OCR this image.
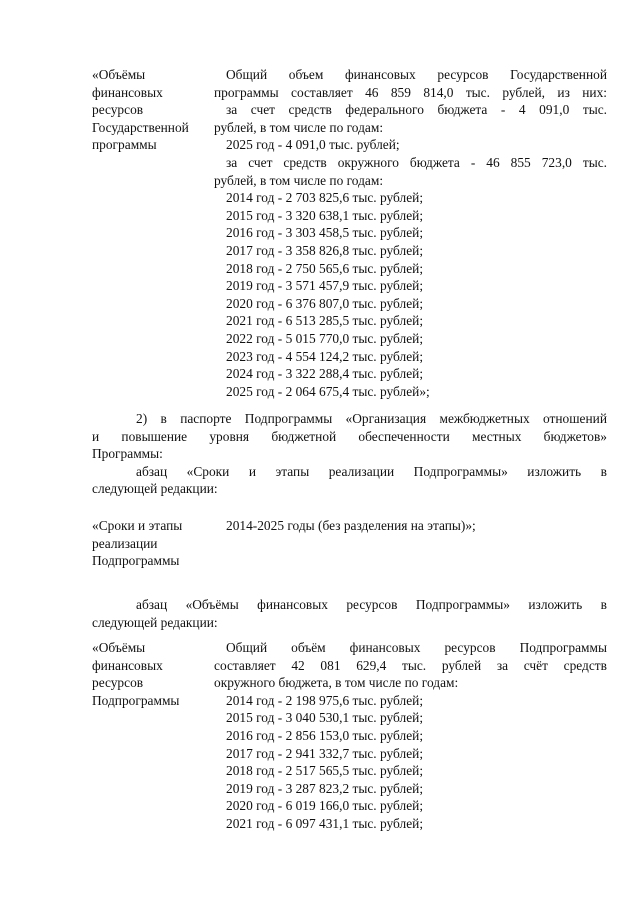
«Объёмы
финансовых
ресурсов
Государственной
программы

Общий объем финансовых ресурсов Государственной

программы составляет 46 859 814,0 тыс. рублей, из них:

за счет средств федерального бюджета - 4 091,0 тыс.

рублей, в том числе по годам:

2025 год - 4 091,0 тыс. рублей;

за счет средств окружного бюджета - 46 855 723,0 тыс.

рублей, в том числе по годам:

2014 год - 2 703 825,6 тыс. рублей;

2015 год - 3 320 638,1 тыс. рублей;

2016 год - 3 303 458,5 тыс. рублей;

2017 год - 3 358 826,8 тыс. рублей;

2018 год - 2 750 565,6 тыс. рублей;

2019 год - 3 571 457,9 тыс. рублей;

2020 год - 6 376 807,0 тыс. рублей;

2021 год - 6 513 285,5 тыс. рублей;

2022 год - 5 015 770,0 тыс. рублей;

2023 год - 4 554 124,2 тыс. рублей;

2024 год - 3 322 288,4 тыс. рублей;

2025 год - 2 064 675,4 тыс. рублей»;

2) в паспорте Подпрограммы «Организация межбюджетных отношений

и повышение уровня бюджетной обеспеченности местных бюджетов»

Программы:

абзац «Сроки и этапы реализации Подпрограммы» изложить в

следующей редакции:

«Сроки и этапы
реализации
Подпрограммы

2014-2025 годы (без разделения на этапы)»;

абзац «Объёмы финансовых ресурсов Подпрограммы» изложить в

следующей редакции:

«Объёмы
финансовых
ресурсов
Подпрограммы

Общий объём финансовых ресурсов Подпрограммы

составляет 42 081 629,4 тыс. рублей за счёт средств

окружного бюджета, в том числе по годам:

2014 год - 2 198 975,6 тыс. рублей;

2015 год - 3 040 530,1 тыс. рублей;

2016 год - 2 856 153,0 тыс. рублей;

2017 год - 2 941 332,7 тыс. рублей;

2018 год - 2 517 565,5 тыс. рублей;

2019 год - 3 287 823,2 тыс. рублей;

2020 год - 6 019 166,0 тыс. рублей;

2021 год - 6 097 431,1 тыс. рублей;
